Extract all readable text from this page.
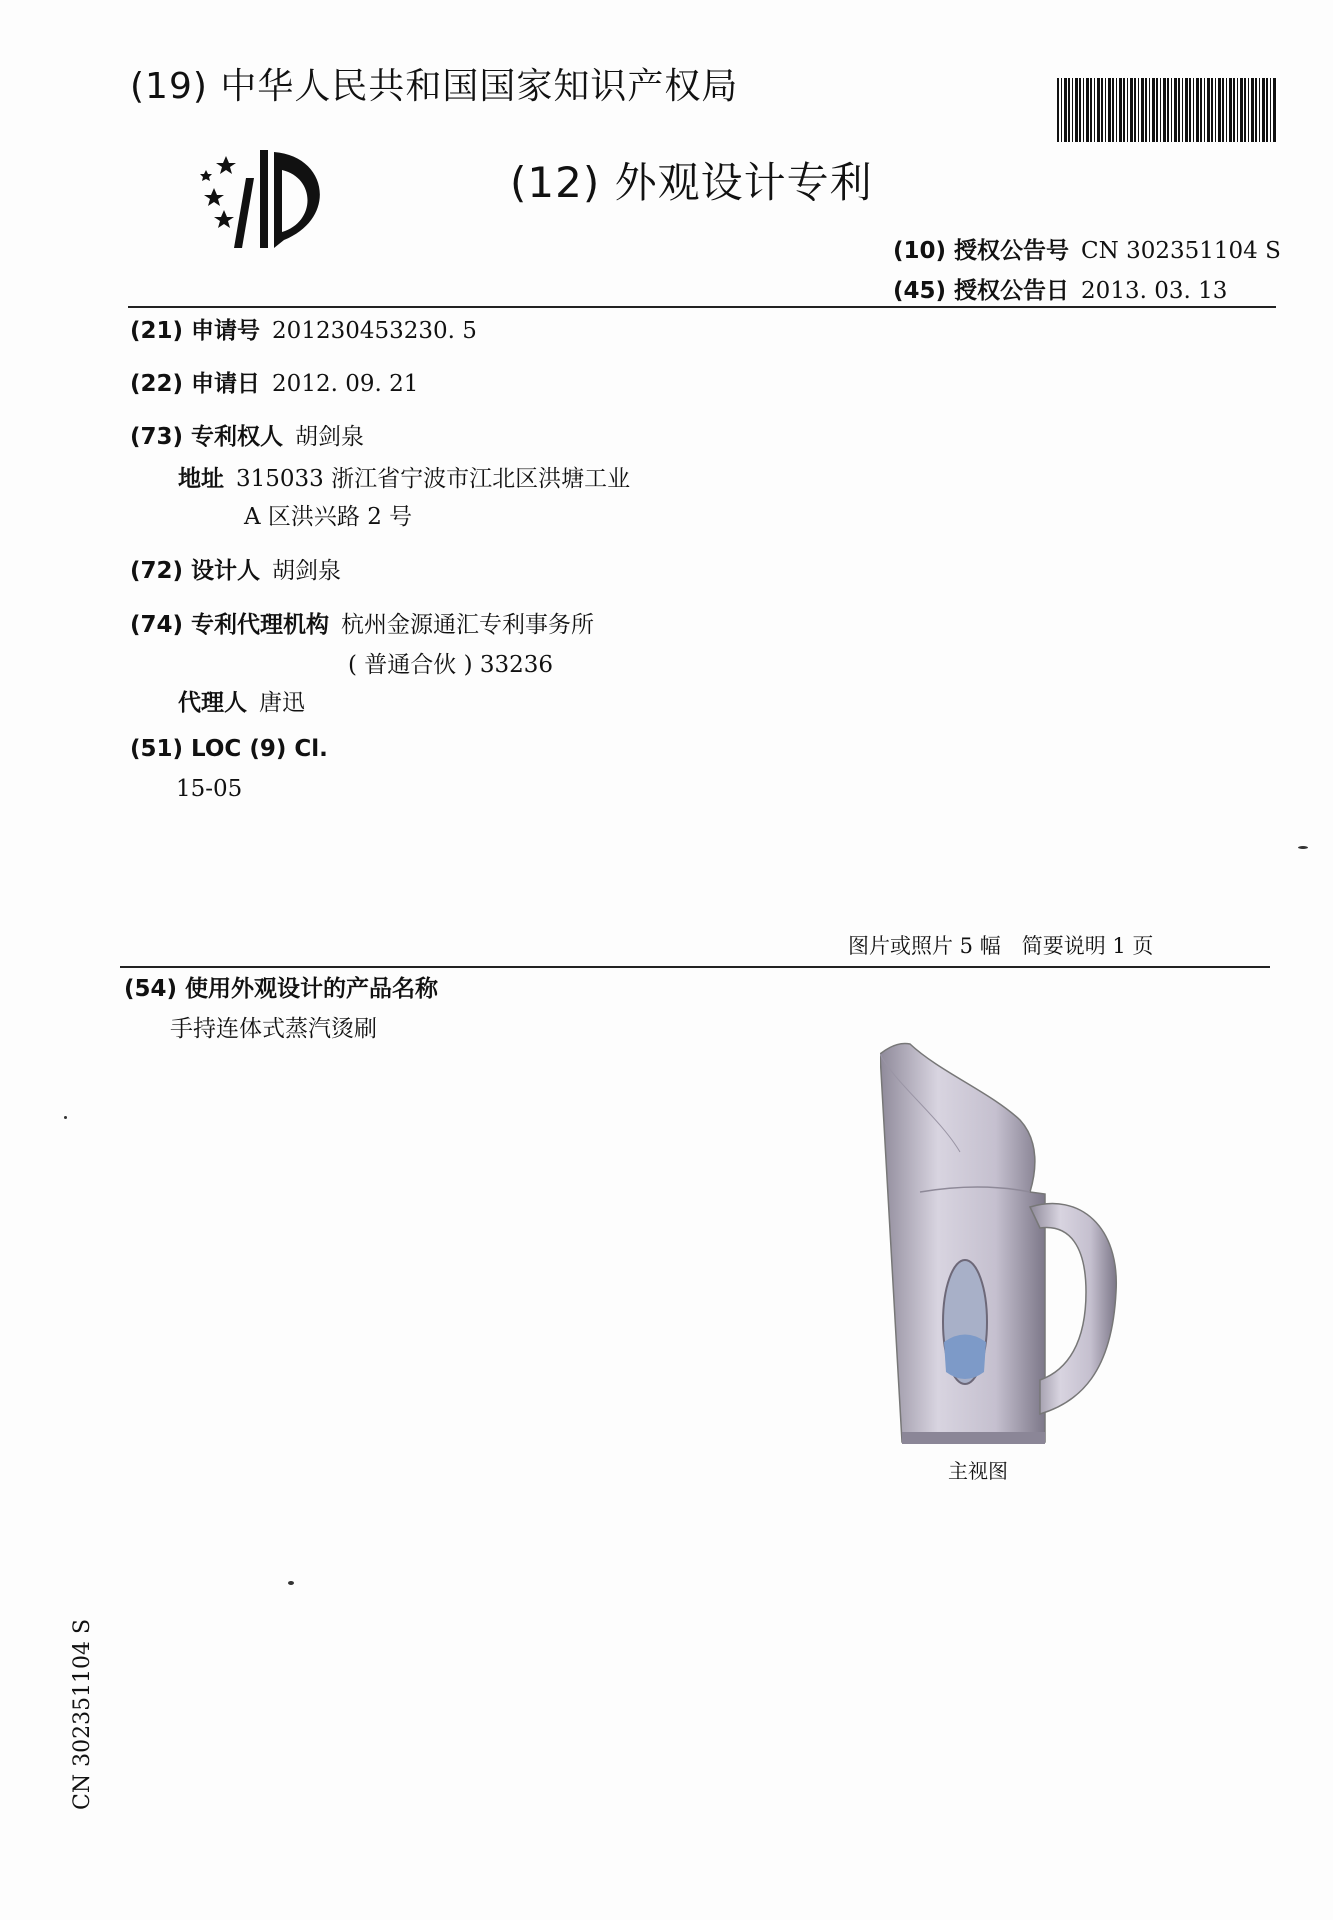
(19) 中华人民共和国国家知识产权局
(12) 外观设计专利
(10) 授权公告号 CN 302351104 S
(45) 授权公告日 2013. 03. 13
(21) 申请号 201230453230. 5
(22) 申请日 2012. 09. 21
(73) 专利权人 胡剑泉
地址 315033 浙江省宁波市江北区洪塘工业
A 区洪兴路 2 号
(72) 设计人 胡剑泉
(74) 专利代理机构 杭州金源通汇专利事务所
( 普通合伙 ) 33236
代理人 唐迅
(51) LOC (9) Cl.
15-05
图片或照片 5 幅　简要说明 1 页
(54) 使用外观设计的产品名称
手持连体式蒸汽烫刷
主视图
CN 302351104 S
